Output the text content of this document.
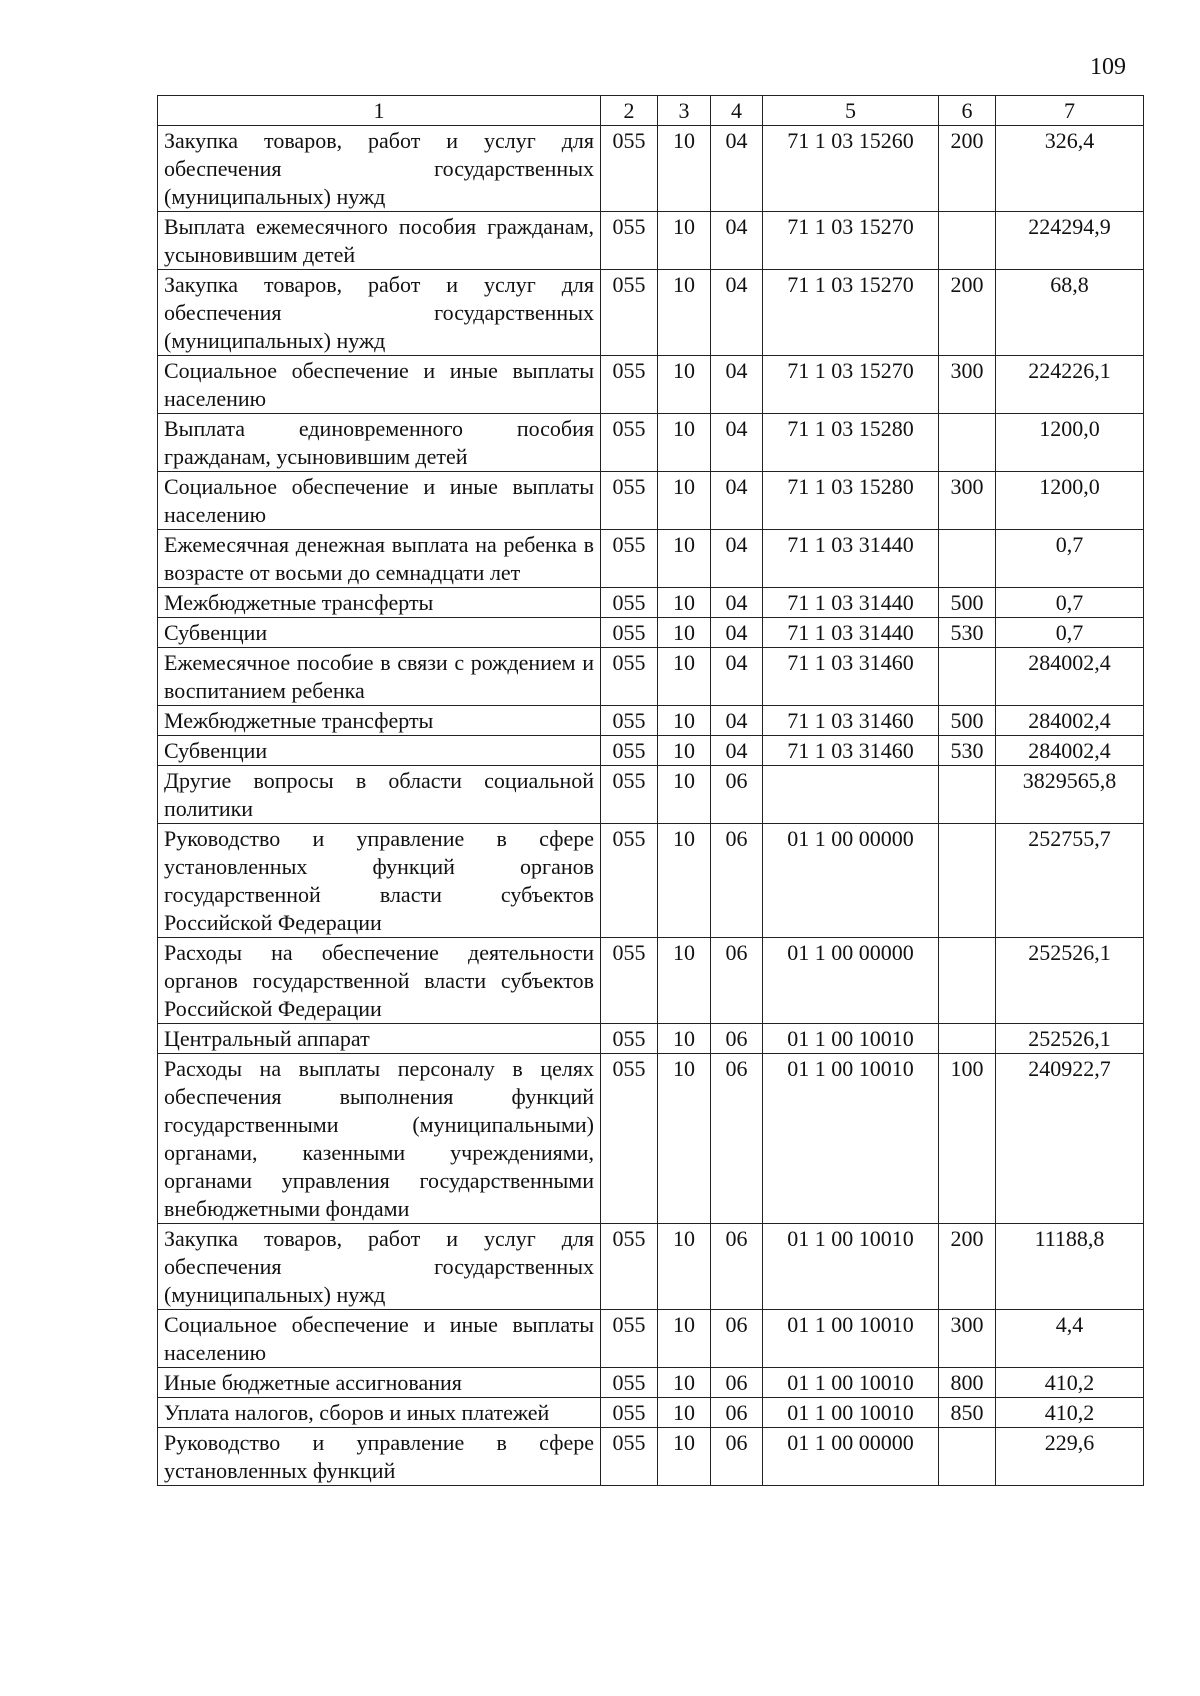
109
1	2	3	4	5	6	7
Закупка товаров, работ и услуг для обеспечения государственных (муниципальных) нужд	055	10	04	71 1 03 15260	200	326,4
Выплата ежемесячного пособия гражданам, усыновившим детей	055	10	04	71 1 03 15270		224294,9
Закупка товаров, работ и услуг для обеспечения государственных (муниципальных) нужд	055	10	04	71 1 03 15270	200	68,8
Социальное обеспечение и иные выплаты населению	055	10	04	71 1 03 15270	300	224226,1
Выплата единовременного пособия гражданам, усыновившим детей	055	10	04	71 1 03 15280		1200,0
Социальное обеспечение и иные выплаты населению	055	10	04	71 1 03 15280	300	1200,0
Ежемесячная денежная выплата на ребенка в возрасте от восьми до семнадцати лет	055	10	04	71 1 03 31440		0,7
Межбюджетные трансферты	055	10	04	71 1 03 31440	500	0,7
Субвенции	055	10	04	71 1 03 31440	530	0,7
Ежемесячное пособие в связи с рождением и воспитанием ребенка	055	10	04	71 1 03 31460		284002,4
Межбюджетные трансферты	055	10	04	71 1 03 31460	500	284002,4
Субвенции	055	10	04	71 1 03 31460	530	284002,4
Другие вопросы в области социальной политики	055	10	06			3829565,8
Руководство и управление в сфере установленных функций органов государственной власти субъектов Российской Федерации	055	10	06	01 1 00 00000		252755,7
Расходы на обеспечение деятельности органов государственной власти субъектов Российской Федерации	055	10	06	01 1 00 00000		252526,1
Центральный аппарат	055	10	06	01 1 00 10010		252526,1
Расходы на выплаты персоналу в целях обеспечения выполнения функций государственными (муниципальными) органами, казенными учреждениями, органами управления государственными внебюджетными фондами	055	10	06	01 1 00 10010	100	240922,7
Закупка товаров, работ и услуг для обеспечения государственных (муниципальных) нужд	055	10	06	01 1 00 10010	200	11188,8
Социальное обеспечение и иные выплаты населению	055	10	06	01 1 00 10010	300	4,4
Иные бюджетные ассигнования	055	10	06	01 1 00 10010	800	410,2
Уплата налогов, сборов и иных платежей	055	10	06	01 1 00 10010	850	410,2
Руководство и управление в сфере установленных функций	055	10	06	01 1 00 00000		229,6
